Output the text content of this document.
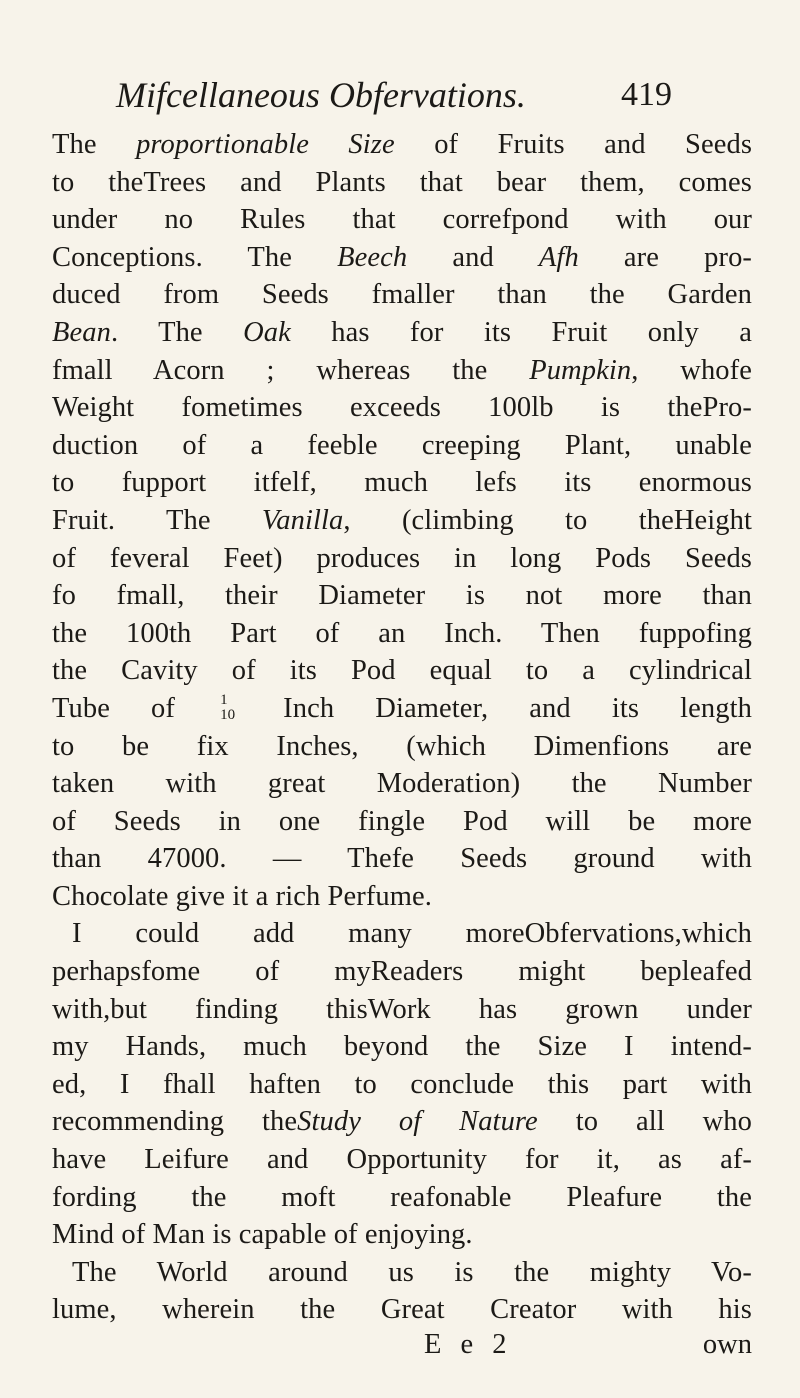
Mifcellaneous Obfervations.	419
The proportionable Size of Fruits and Seeds
to theTrees and Plants that bear them, comes
under no Rules that correfpond with our
Conceptions. The Beech and Afh are pro-
duced from Seeds fmaller than the Garden
Bean. The Oak has for its Fruit only a
fmall Acorn ; whereas the Pumpkin, whofe
Weight fometimes exceeds 100lb is thePro-
duction of a feeble creeping Plant, unable
to fupport itfelf, much lefs its enormous
Fruit. The Vanilla, (climbing to theHeight
of feveral Feet) produces in long Pods Seeds
fo fmall, their Diameter is not more than
the 100th Part of an Inch. Then fuppofing
the Cavity of its Pod equal to a cylindrical
Tube of 1
10 Inch Diameter, and its length
to be fix Inches, (which Dimenfions are
taken with great Moderation) the Number
of Seeds in one fingle Pod will be more
than 47000. — Thefe Seeds ground with
Chocolate give it a rich Perfume.
I could add many moreObfervations,which
perhapsfome of myReaders might bepleafed
with,but finding thisWork has grown under
my Hands, much beyond the Size I intend-
ed, I fhall haften to conclude this part with
recommending theStudy of Nature to all who
have Leifure and Opportunity for it, as af-
fording the moft reafonable Pleafure the
Mind of Man is capable of enjoying.
The World around us is the mighty Vo-
lume, wherein the Great Creator with his
E e 2	own
